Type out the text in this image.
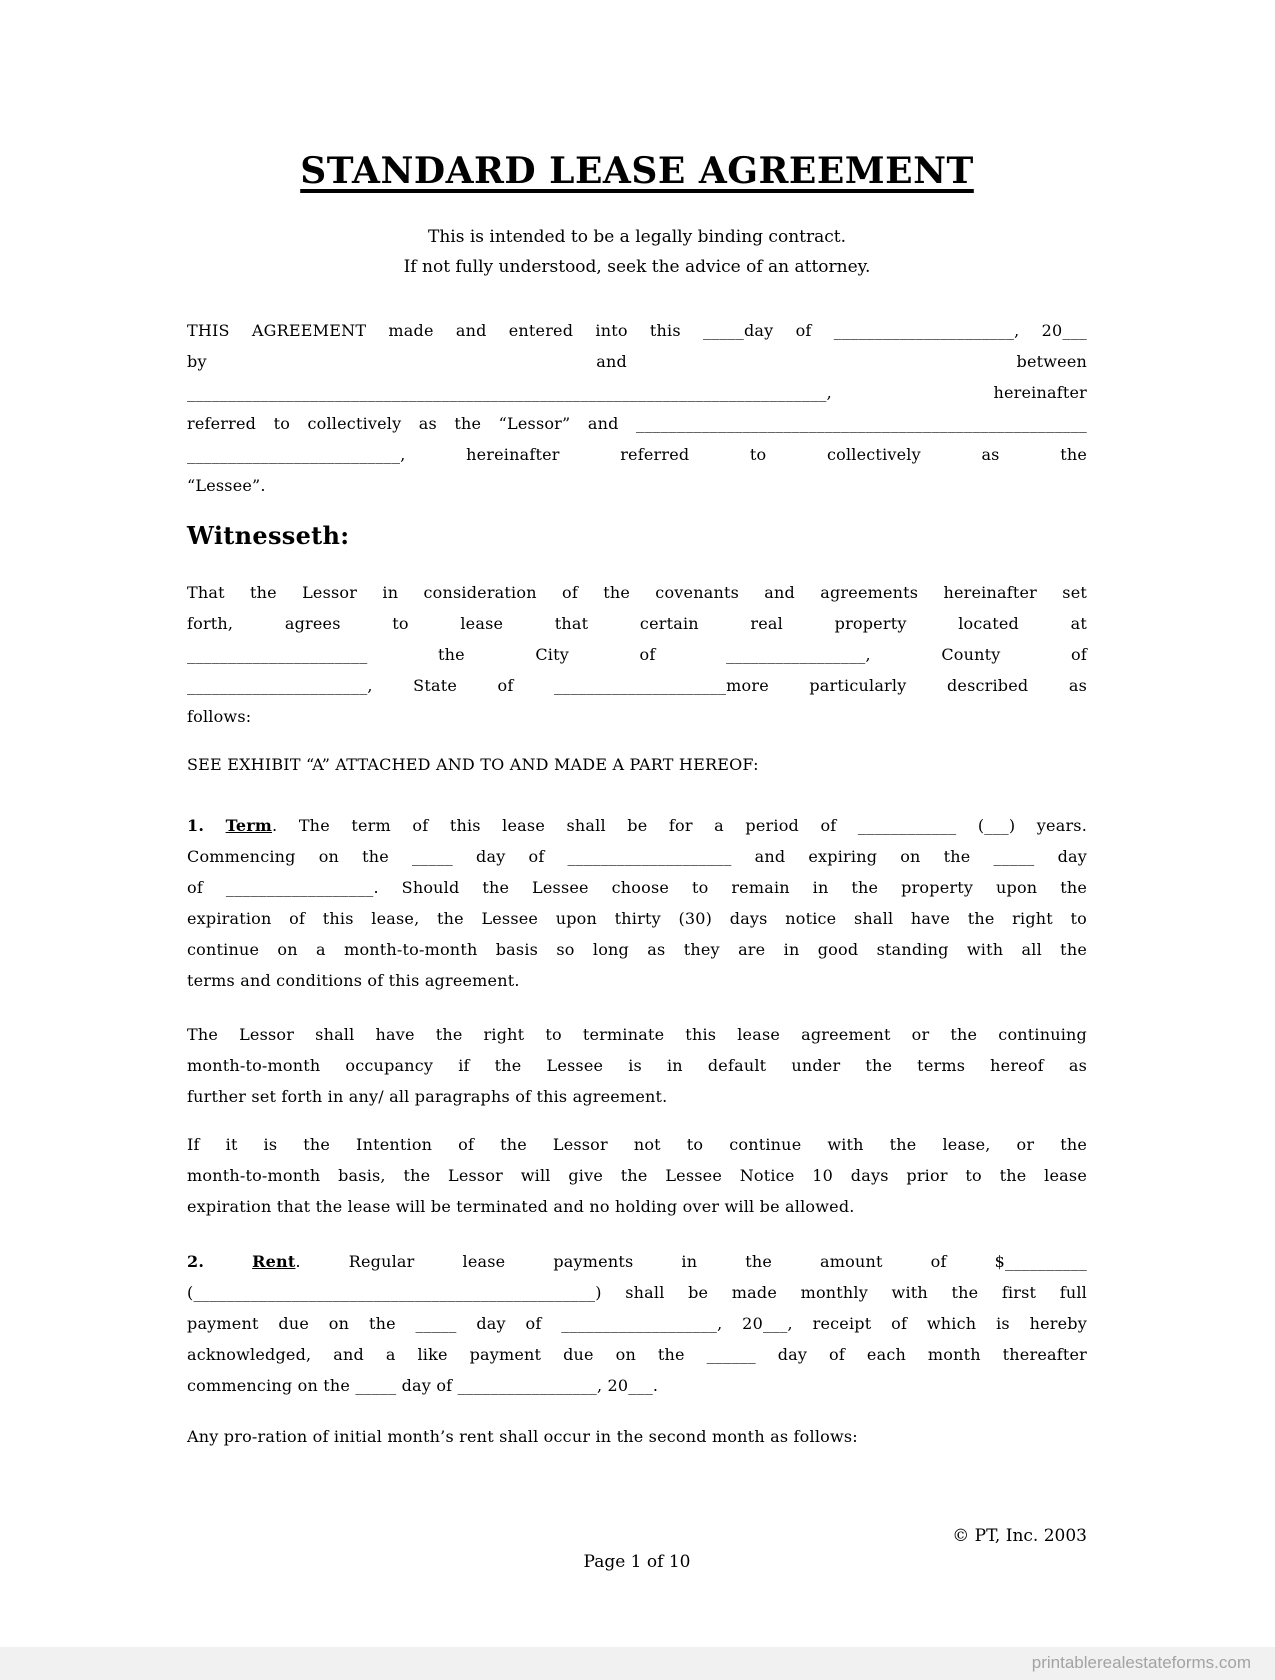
STANDARD LEASE AGREEMENT
This is intended to be a legally binding contract.
If not fully understood, seek the advice of an attorney.
THIS AGREEMENT made and entered into this _____day of ______________________, 20___
by and between
______________________________________________________________________________, hereinafter
referred to collectively as the “Lessor” and _______________________________________________________
__________________________, hereinafter referred to collectively as the
“Lessee”.
Witnesseth:
That the Lessor in consideration of the covenants and agreements hereinafter set
forth, agrees to lease that certain real property located at
______________________ the City of _________________, County of
______________________, State of _____________________more particularly described as
follows:
SEE EXHIBIT “A” ATTACHED AND TO AND MADE A PART HEREOF:
1. Term. The term of this lease shall be for a period of ____________ (___) years.
Commencing on the _____ day of ____________________ and expiring on the _____ day
of __________________. Should the Lessee choose to remain in the property upon the
expiration of this lease, the Lessee upon thirty (30) days notice shall have the right to
continue on a month-to-month basis so long as they are in good standing with all the
terms and conditions of this agreement.
The Lessor shall have the right to terminate this lease agreement or the continuing
month-to-month occupancy if the Lessee is in default under the terms hereof as
further set forth in any/ all paragraphs of this agreement.
If it is the Intention of the Lessor not to continue with the lease, or the
month-to-month basis, the Lessor will give the Lessee Notice 10 days prior to the lease
expiration that the lease will be terminated and no holding over will be allowed.
2.	Rent. Regular lease payments in the amount of $__________
(_________________________________________________) shall be made monthly with the first full
payment due on the _____ day of ___________________, 20___, receipt of which is hereby
acknowledged, and a like payment due on the ______ day of each month thereafter
commencing on the _____ day of _________________, 20___.
Any pro-ration of initial month’s rent shall occur in the second month as follows:
© PT, Inc. 2003
Page 1 of 10
printablerealestateforms.com
